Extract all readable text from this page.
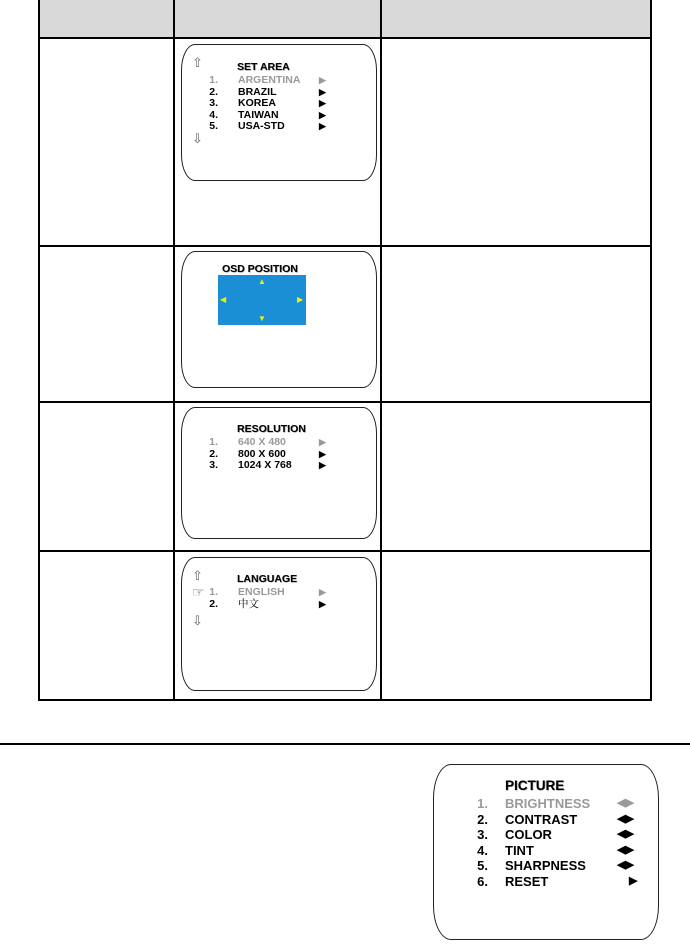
⇧
⇩
SET AREA
1. ARGENTINA ▶
2. BRAZIL	▶
3. KOREA	▶
4. TAIWAN	▶
5. USA-STD	▶
OSD POSITION
▲
▼
◀	▶
RESOLUTION
1. 640 X 480	▶
2. 800 X 600	▶
3. 1024 X 768	▶
⇧
⇩
LANGUAGE
☞ 1. ENGLISH	▶
2. 中文	▶
PICTURE
1. BRIGHTNESS ◀▶
2. CONTRAST	◀▶
3. COLOR	◀▶
4. TINT	◀▶
5. SHARPNESS	◀▶
6. RESET	▶
